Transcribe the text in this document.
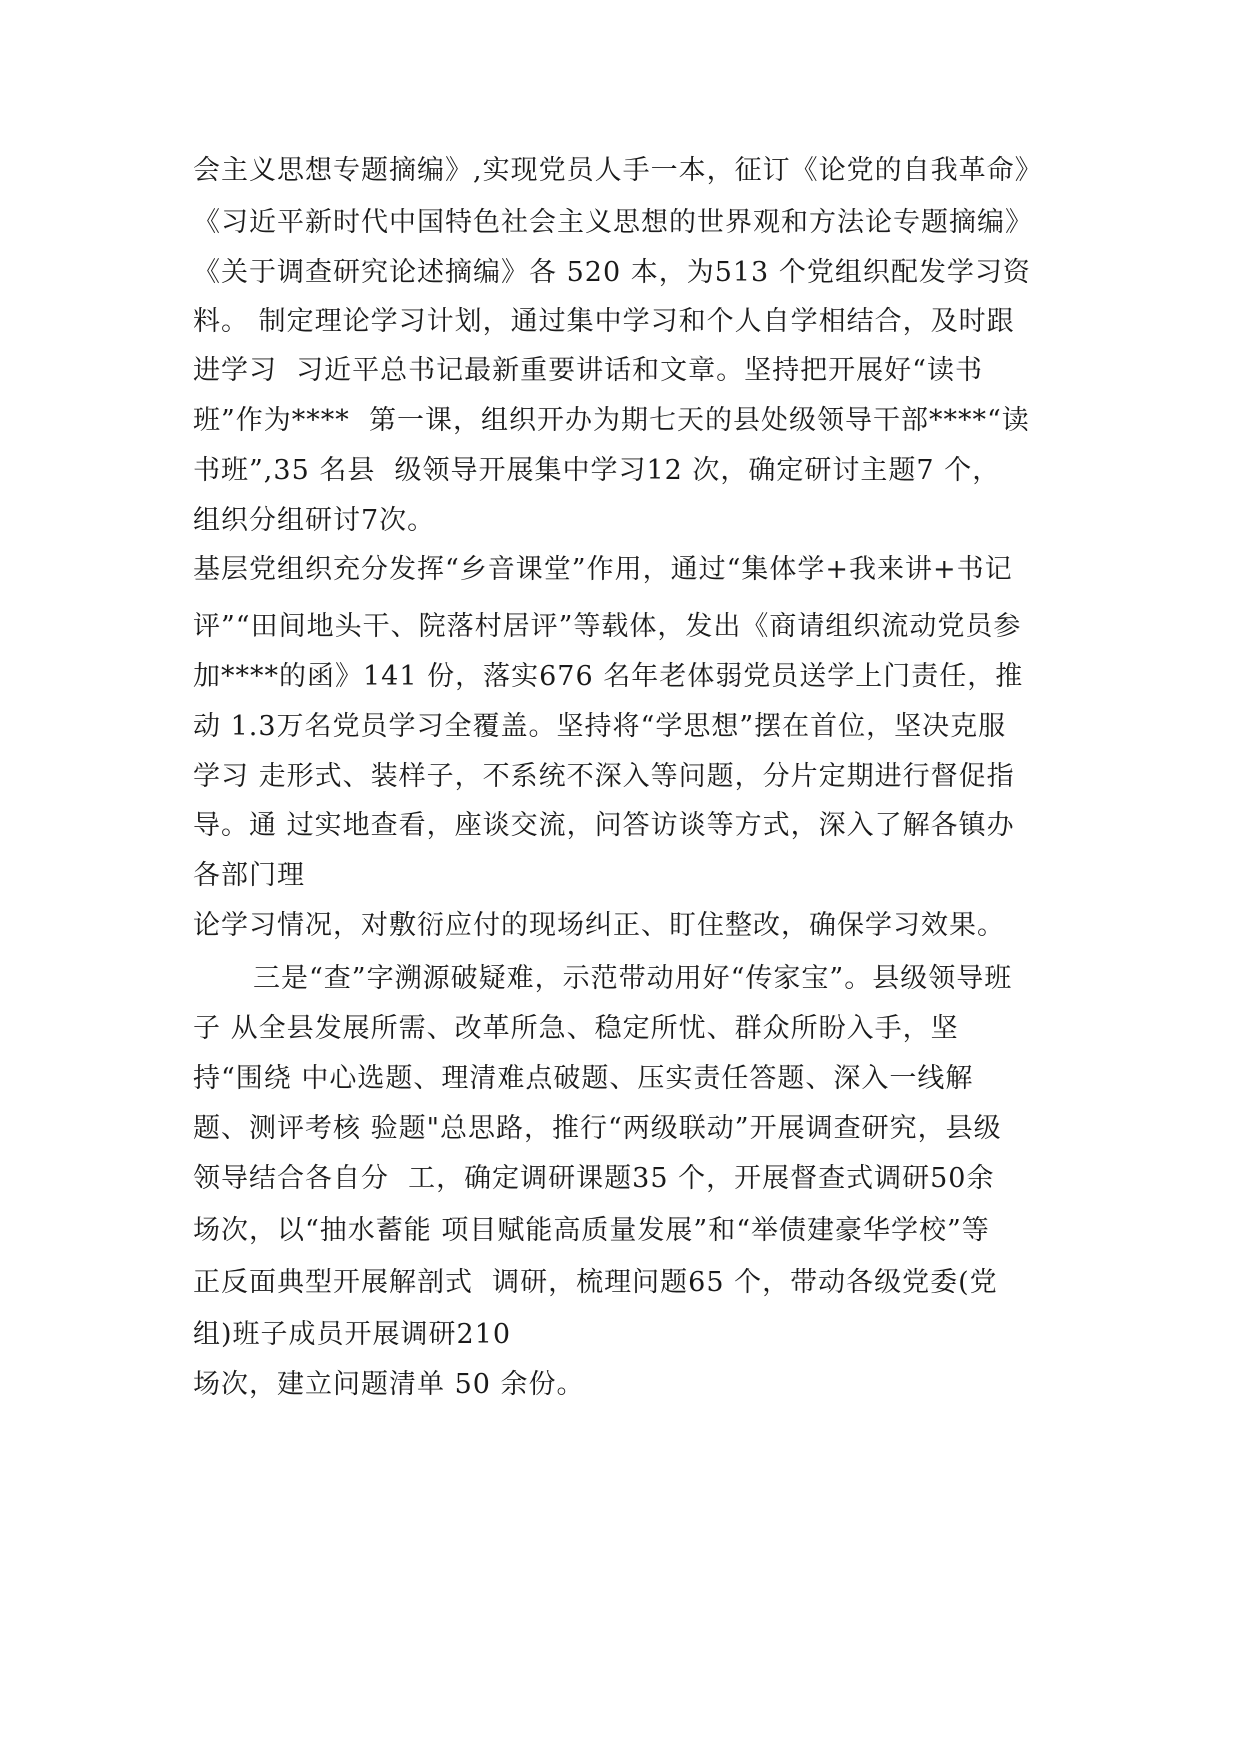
会主义思想专题摘编》,实现党员人手一本，征订《论党的自我革命》
《习近平新时代中国特色社会主义思想的世界观和方法论专题摘编》
《关于调查研究论述摘编》各 520 本，为513 个党组织配发学习资
料。 制定理论学习计划，通过集中学习和个人自学相结合，及时跟
进学习  习近平总书记最新重要讲话和文章。坚持把开展好“读书
班”作为****  第一课，组织开办为期七天的县处级领导干部****“读
书班”,35 名县  级领导开展集中学习12 次，确定研讨主题7 个，
组织分组研讨7次。
基层党组织充分发挥“乡音课堂”作用，通过“集体学+我来讲+书记
评”“田间地头干、院落村居评”等载体，发出《商请组织流动党员参
加****的函》141 份，落实676 名年老体弱党员送学上门责任，推
动 1.3万名党员学习全覆盖。坚持将“学思想”摆在首位，坚决克服
学习 走形式、装样子，不系统不深入等问题，分片定期进行督促指
导。通 过实地查看，座谈交流，问答访谈等方式，深入了解各镇办
各部门理
论学习情况，对敷衍应付的现场纠正、盯住整改，确保学习效果。
三是“查”字溯源破疑难，示范带动用好“传家宝”。县级领导班
子 从全县发展所需、改革所急、稳定所忧、群众所盼入手，坚
持“围绕 中心选题、理清难点破题、压实责任答题、深入一线解
题、测评考核 验题"总思路，推行“两级联动”开展调查研究，县级
领导结合各自分  工，确定调研课题35 个，开展督查式调研50余
场次，以“抽水蓄能 项目赋能高质量发展”和“举债建豪华学校”等
正反面典型开展解剖式  调研，梳理问题65 个，带动各级党委(党
组)班子成员开展调研210
场次，建立问题清单 50 余份。
